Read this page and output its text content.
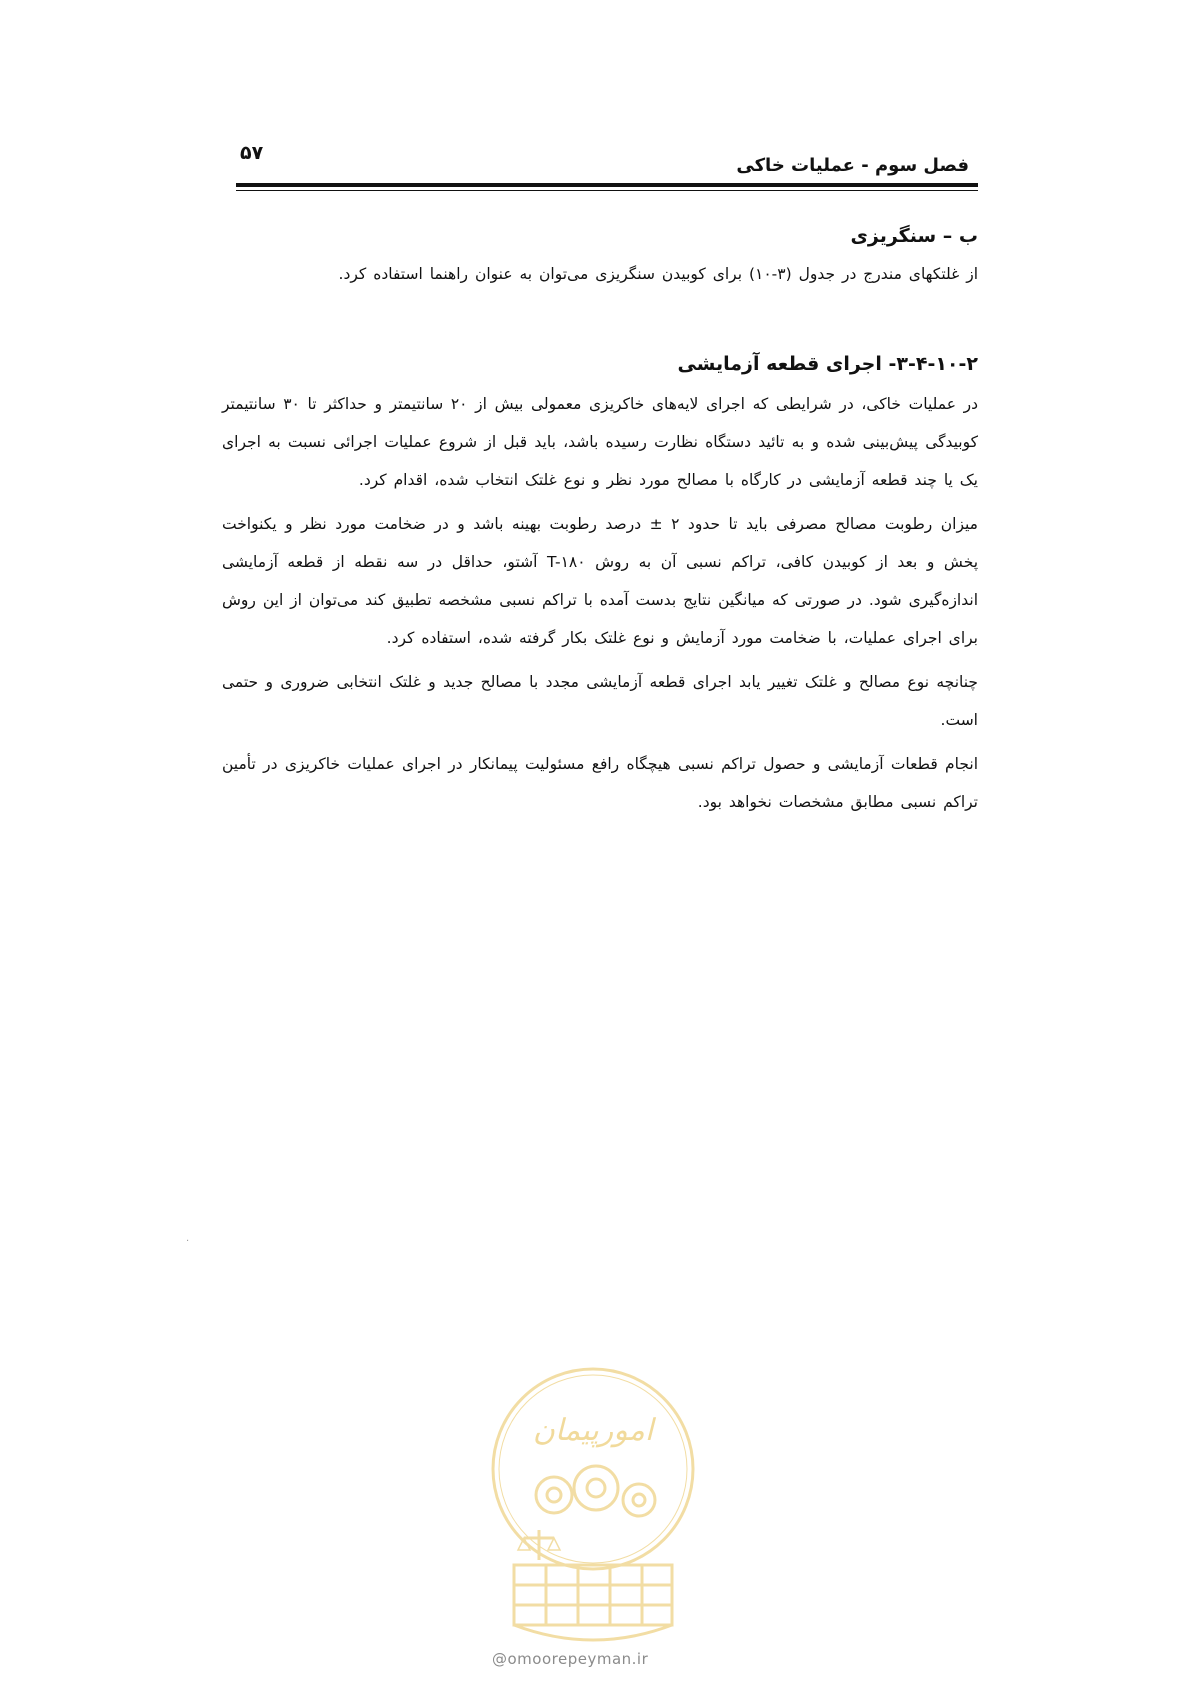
۵۷
فصل سوم - عملیات خاکی
ب – سنگریزی

از غلتکهای مندرج در جدول (۳-۱۰) برای کوبیدن سنگریزی می‌توان به عنوان راهنما استفاده کرد.

۳-۴-۱۰-۲- اجرای قطعه آزمایشی

در عملیات خاکی، در شرایطی که اجرای لایه‌های خاکریزی معمولی بیش از ۲۰ سانتیمتر و حداکثر تا ۳۰ سانتیمتر کوبیدگی پیش‌بینی شده و به تائید دستگاه نظارت رسیده باشد، باید قبل از شروع عملیات اجرائی نسبت به اجرای یک یا چند قطعه آزمایشی در کارگاه با مصالح مورد نظر و نوع غلتک انتخاب شده، اقدام کرد.

میزان رطوبت مصالح مصرفی باید تا حدود ۲ ± درصد رطوبت بهینه باشد و در ضخامت مورد نظر و یکنواخت پخش و بعد از کوبیدن کافی، تراکم نسبی آن به روش T-۱۸۰ آشتو، حداقل در سه نقطه از قطعه آزمایشی اندازه‌گیری شود. در صورتی که میانگین نتایج بدست آمده با تراکم نسبی مشخصه تطبیق کند می‌توان از این روش برای اجرای عملیات، با ضخامت مورد آزمایش و نوع غلتک بکار گرفته شده، استفاده کرد.

چنانچه نوع مصالح و غلتک تغییر یابد اجرای قطعه آزمایشی مجدد با مصالح جدید و غلتک انتخابی ضروری و حتمی است.

انجام قطعات آزمایشی و حصول تراکم نسبی هیچگاه رافع مسئولیت پیمانکار در اجرای عملیات خاکریزی در تأمین تراکم نسبی مطابق مشخصات نخواهد بود.

امورپیمان
@omoorepeyman.ir
·
